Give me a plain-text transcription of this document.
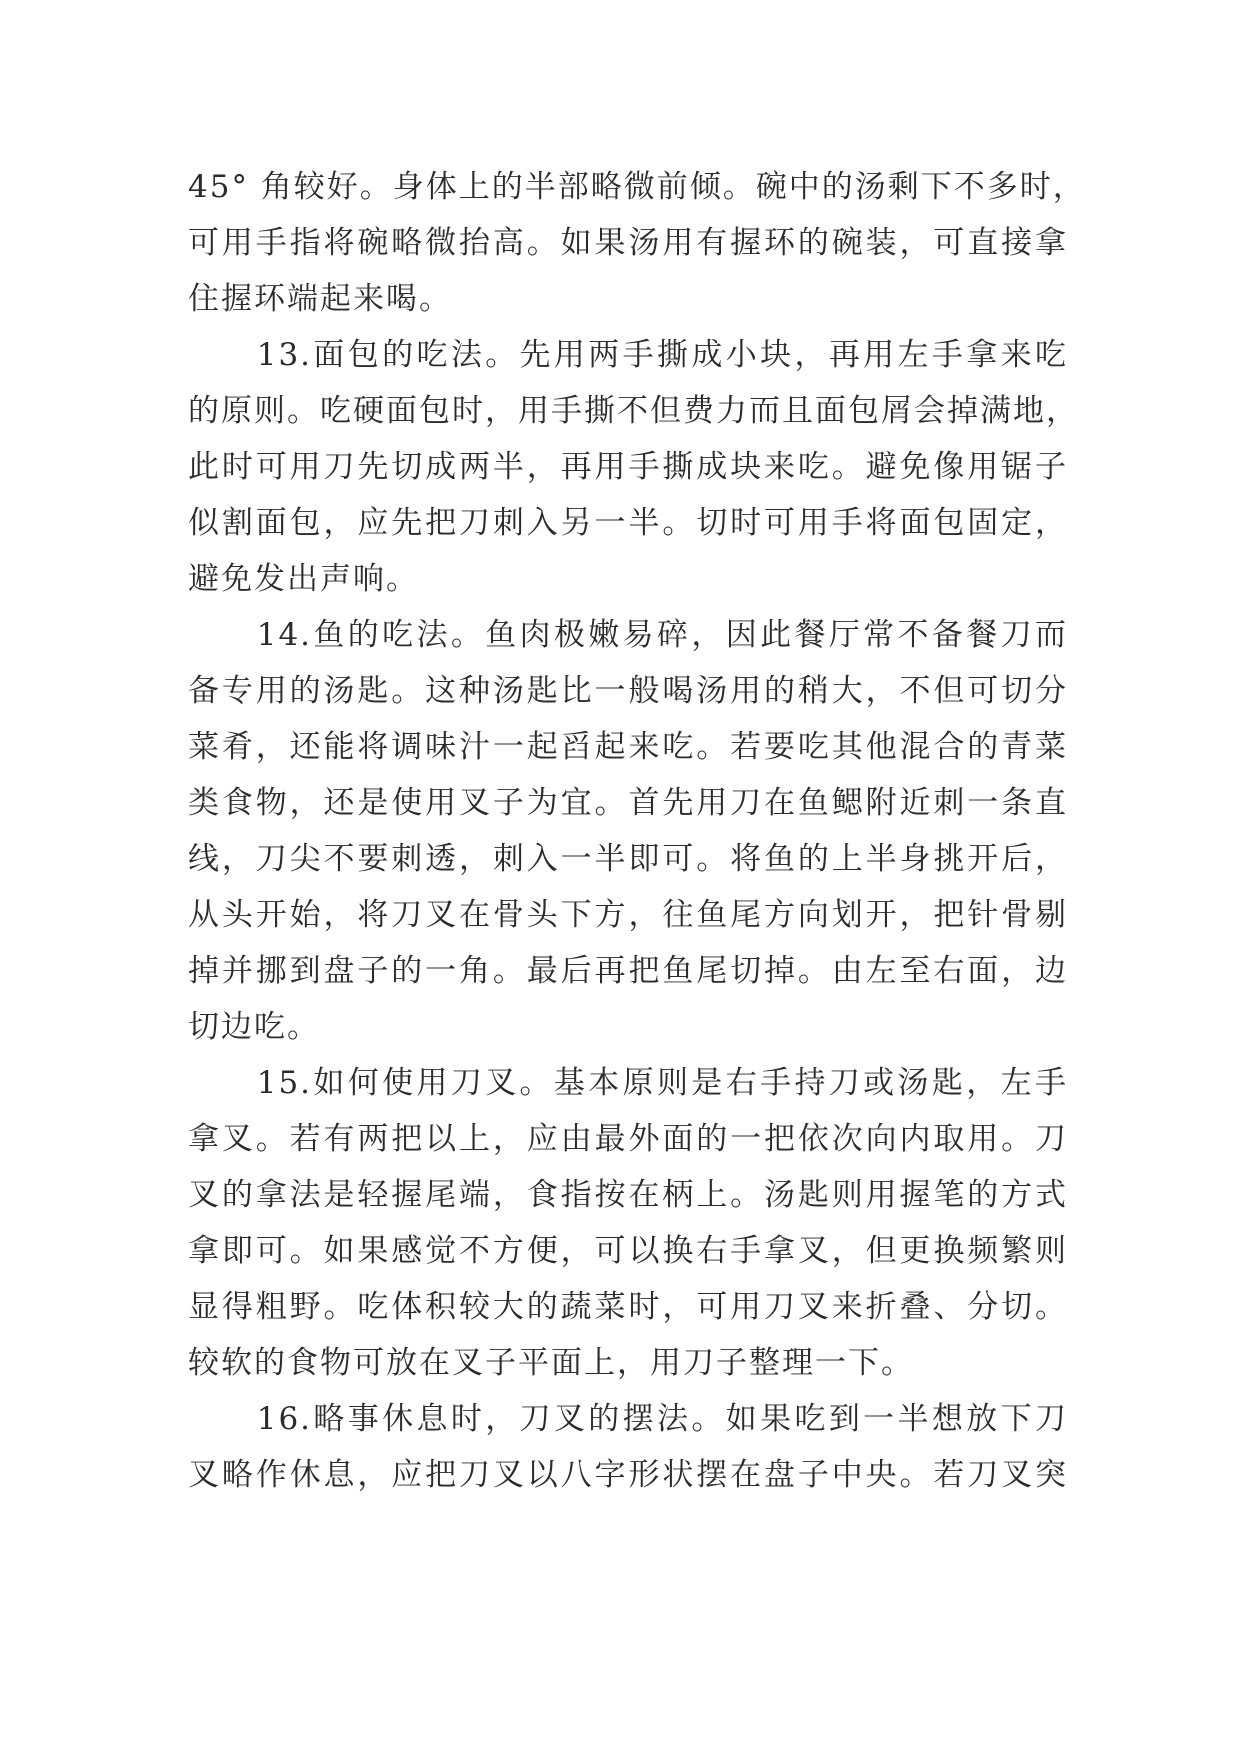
45° 角较好。身体上的半部略微前倾。碗中的汤剩下不多时，
可用手指将碗略微抬高。如果汤用有握环的碗装，可直接拿
住握环端起来喝。
　　13.面包的吃法。先用两手撕成小块，再用左手拿来吃
的原则。吃硬面包时，用手撕不但费力而且面包屑会掉满地，
此时可用刀先切成两半，再用手撕成块来吃。避免像用锯子
似割面包，应先把刀刺入另一半。切时可用手将面包固定，
避免发出声响。
　　14.鱼的吃法。鱼肉极嫩易碎，因此餐厅常不备餐刀而
备专用的汤匙。这种汤匙比一般喝汤用的稍大，不但可切分
菜肴，还能将调味汁一起舀起来吃。若要吃其他混合的青菜
类食物，还是使用叉子为宜。首先用刀在鱼鳃附近刺一条直
线，刀尖不要刺透，刺入一半即可。将鱼的上半身挑开后，
从头开始，将刀叉在骨头下方，往鱼尾方向划开，把针骨剔
掉并挪到盘子的一角。最后再把鱼尾切掉。由左至右面，边
切边吃。
　　15.如何使用刀叉。基本原则是右手持刀或汤匙，左手
拿叉。若有两把以上，应由最外面的一把依次向内取用。刀
叉的拿法是轻握尾端，食指按在柄上。汤匙则用握笔的方式
拿即可。如果感觉不方便，可以换右手拿叉，但更换频繁则
显得粗野。吃体积较大的蔬菜时，可用刀叉来折叠、分切。
较软的食物可放在叉子平面上，用刀子整理一下。
　　16.略事休息时，刀叉的摆法。如果吃到一半想放下刀
叉略作休息，应把刀叉以八字形状摆在盘子中央。若刀叉突
